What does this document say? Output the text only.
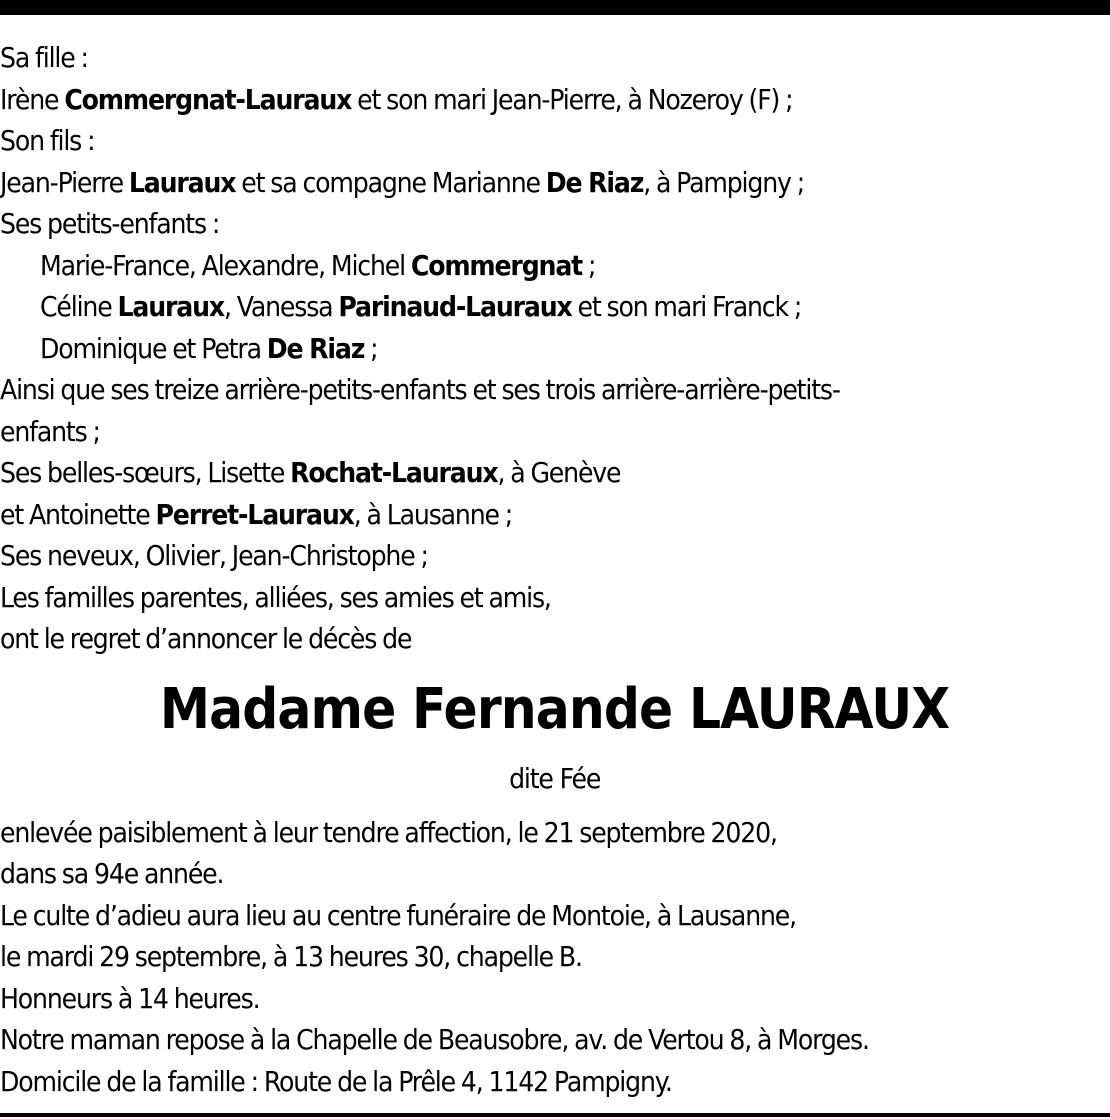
Sa fille :
Irène Commergnat-Lauraux et son mari Jean-Pierre, à Nozeroy (F) ;
Son fils :
Jean-Pierre Lauraux et sa compagne Marianne De Riaz, à Pampigny ;
Ses petits-enfants :
Marie-France, Alexandre, Michel Commergnat ;
Céline Lauraux, Vanessa Parinaud-Lauraux et son mari Franck ;
Dominique et Petra De Riaz ;
Ainsi que ses treize arrière-petits-enfants et ses trois arrière-arrière-petits-
enfants ;
Ses belles-sœurs, Lisette Rochat-Lauraux, à Genève
et Antoinette Perret-Lauraux, à Lausanne ;
Ses neveux, Olivier, Jean-Christophe ;
Les familles parentes, alliées, ses amies et amis,
ont le regret d’annoncer le décès de
Madame Fernande LAURAUX
dite Fée
enlevée paisiblement à leur tendre affection, le 21 septembre 2020,
dans sa 94e année.
Le culte d’adieu aura lieu au centre funéraire de Montoie, à Lausanne,
le mardi 29 septembre, à 13 heures 30, chapelle B.
Honneurs à 14 heures.
Notre maman repose à la Chapelle de Beausobre, av. de Vertou 8, à Morges.
Domicile de la famille : Route de la Prêle 4, 1142 Pampigny.
